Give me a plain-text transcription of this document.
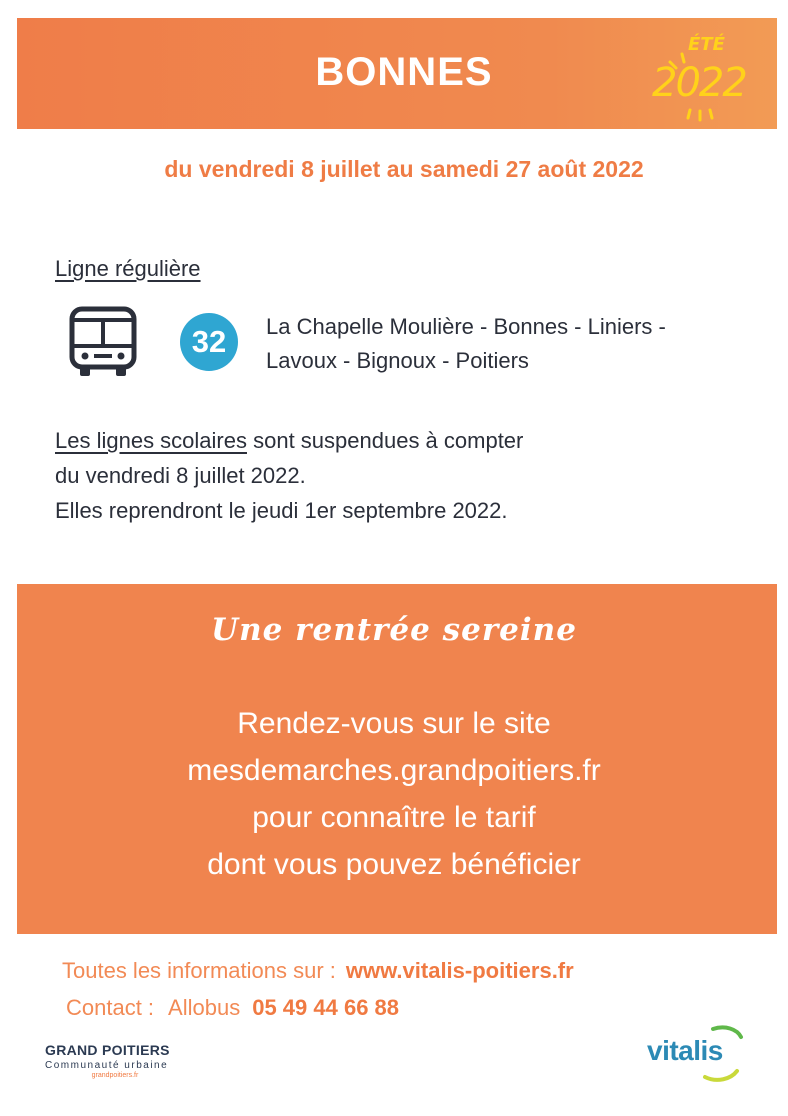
BONNES
ÉTÉ
2022
du vendredi 8 juillet au samedi 27 août 2022
Ligne régulière
32	La Chapelle Moulière - Bonnes - Liniers -
Lavoux - Bignoux - Poitiers
Les lignes scolaires sont suspendues à compter
du vendredi 8 juillet 2022.
Elles reprendront le jeudi 1er septembre 2022.
Une rentrée sereine
Rendez-vous sur le site
mesdemarches.grandpoitiers.fr
pour connaître le tarif
dont vous pouvez bénéficier
Toutes les informations sur : www.vitalis-poitiers.fr
Contact : Allobus 05 49 44 66 88
GRAND POITIERS
Communauté urbaine
grandpoitiers.fr
vitalis
